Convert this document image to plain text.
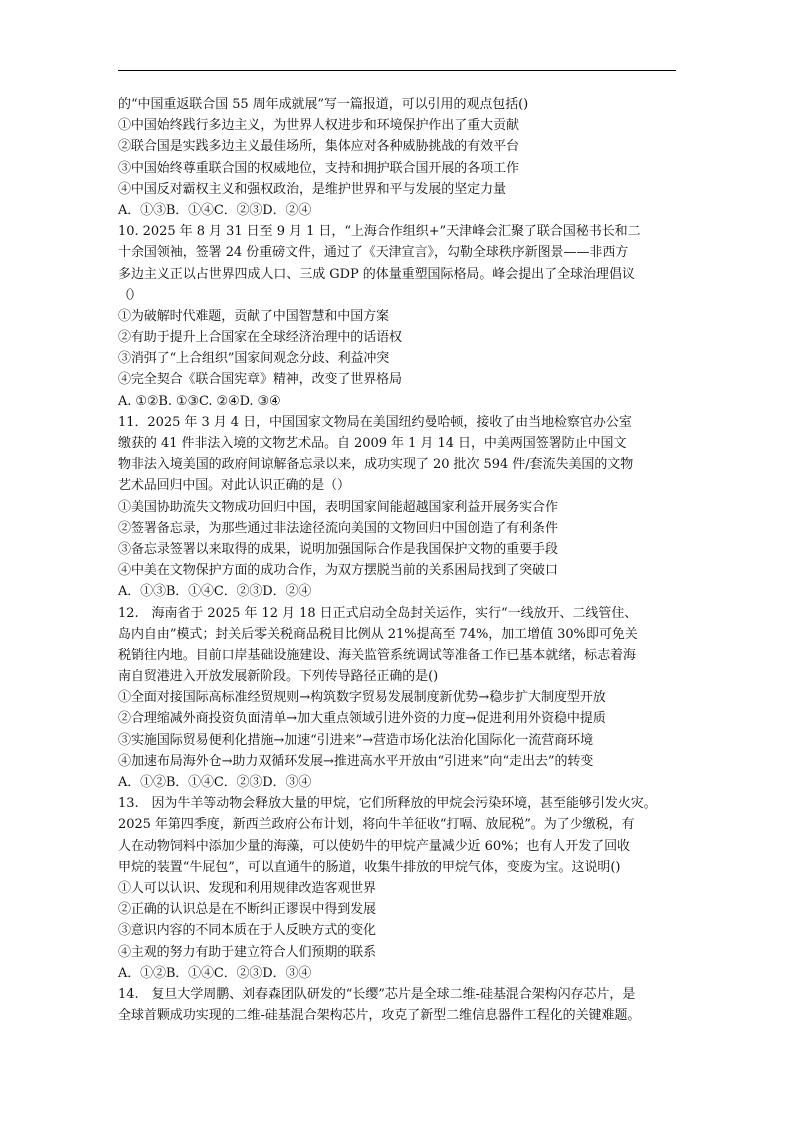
的“中国重返联合国 55 周年成就展”写一篇报道，可以引用的观点包括()
①中国始终践行多边主义，为世界人权进步和环境保护作出了重大贡献
②联合国是实践多边主义最佳场所，集体应对各种威胁挑战的有效平台
③中国始终尊重联合国的权威地位，支持和拥护联合国开展的各项工作
④中国反对霸权主义和强权政治，是维护世界和平与发展的坚定力量
A．①③B．①④C．②③D．②④
10. 2025 年 8 月 31 日至 9 月 1 日，“上海合作组织+”天津峰会汇聚了联合国秘书长和二
十余国领袖，签署 24 份重磅文件，通过了《天津宣言》，勾勒全球秩序新图景——非西方
多边主义正以占世界四成人口、三成 GDP 的体量重塑国际格局。峰会提出了全球治理倡议
（）
①为破解时代难题，贡献了中国智慧和中国方案
②有助于提升上合国家在全球经济治理中的话语权
③消弭了“上合组织”国家间观念分歧、利益冲突
④完全契合《联合国宪章》精神，改变了世界格局
A. ①②B. ①③C. ②④D. ③④
11．2025 年 3 月 4 日，中国国家文物局在美国纽约曼哈顿，接收了由当地检察官办公室
缴获的 41 件非法入境的文物艺术品。自 2009 年 1 月 14 日，中美两国签署防止中国文
物非法入境美国的政府间谅解备忘录以来，成功实现了 20 批次 594 件/套流失美国的文物
艺术品回归中国。对此认识正确的是（）
①美国协助流失文物成功回归中国，表明国家间能超越国家利益开展务实合作
②签署备忘录，为那些通过非法途径流向美国的文物回归中国创造了有利条件
③备忘录签署以来取得的成果，说明加强国际合作是我国保护文物的重要手段
④中美在文物保护方面的成功合作，为双方摆脱当前的关系困局找到了突破口
A．①③B．①④C．②③D．②④
12.　海南省于 2025 年 12 月 18 日正式启动全岛封关运作，实行“一线放开、二线管住、
岛内自由”模式；封关后零关税商品税目比例从 21%提高至 74%，加工增值 30%即可免关
税销往内地。目前口岸基础设施建设、海关监管系统调试等准备工作已基本就绪，标志着海
南自贸港进入开放发展新阶段。下列传导路径正确的是()
①全面对接国际高标准经贸规则→构筑数字贸易发展制度新优势→稳步扩大制度型开放
②合理缩减外商投资负面清单→加大重点领域引进外资的力度→促进利用外资稳中提质
③实施国际贸易便利化措施→加速“引进来”→营造市场化法治化国际化一流营商环境
④加速布局海外仓→助力双循环发展→推进高水平开放由“引进来”向“走出去”的转变
A．①②B．①④C．②③D．③④
13.　因为牛羊等动物会释放大量的甲烷，它们所释放的甲烷会污染环境，甚至能够引发火灾。
2025 年第四季度，新西兰政府公布计划，将向牛羊征收“打嗝、放屁税”。为了少缴税，有
人在动物饲料中添加少量的海藻，可以使奶牛的甲烷产量减少近 60%；也有人开发了回收
甲烷的装置“牛屁包”，可以直通牛的肠道，收集牛排放的甲烷气体，变废为宝。这说明()
①人可以认识、发现和利用规律改造客观世界
②正确的认识总是在不断纠正谬误中得到发展
③意识内容的不同本质在于人反映方式的变化
④主观的努力有助于建立符合人们预期的联系
A．①②B．①④C．②③D．③④
14.　复旦大学周鹏、刘春森团队研发的“长缨”芯片是全球二维-硅基混合架构闪存芯片，是
全球首颗成功实现的二维-硅基混合架构芯片，攻克了新型二维信息器件工程化的关键难题。
